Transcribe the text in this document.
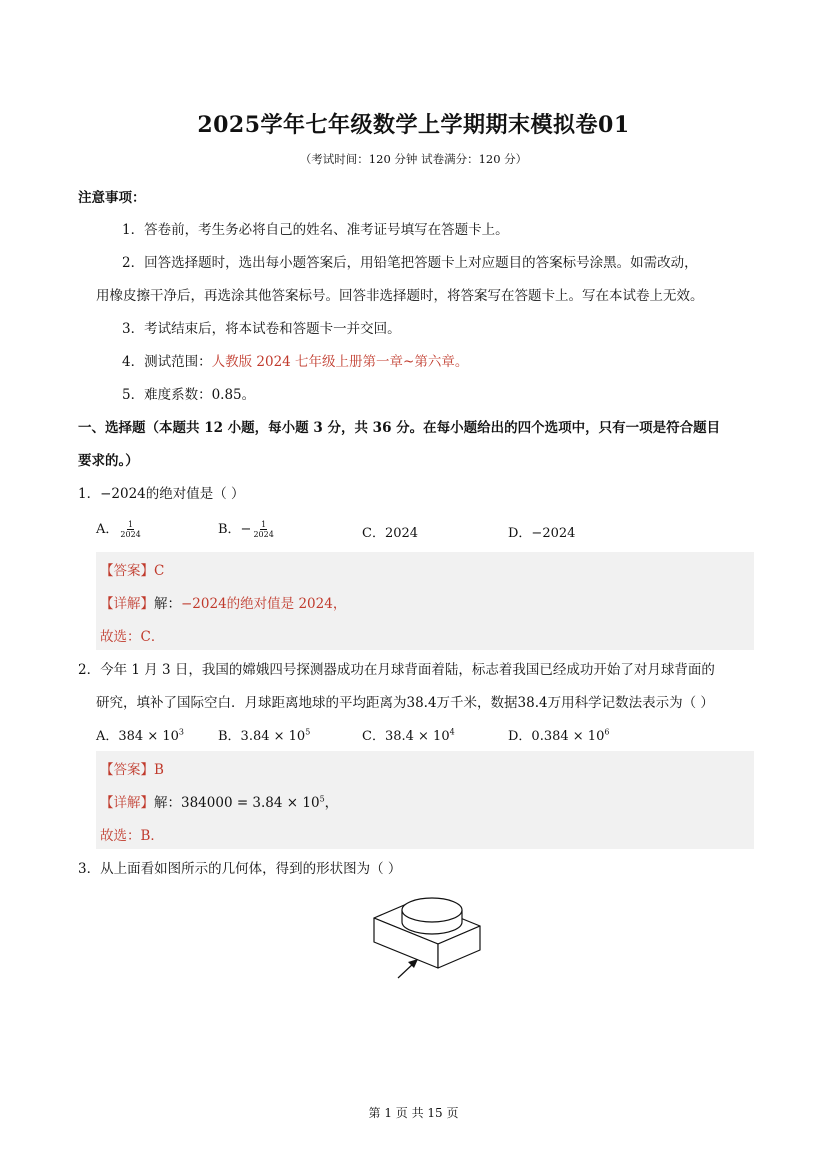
2025学年七年级数学上学期期末模拟卷01
（考试时间：120 分钟 试卷满分：120 分）
注意事项：
1．答卷前，考生务必将自己的姓名、准考证号填写在答题卡上。
2．回答选择题时，选出每小题答案后，用铅笔把答题卡上对应题目的答案标号涂黑。如需改动，
用橡皮擦干净后，再选涂其他答案标号。回答非选择题时，将答案写在答题卡上。写在本试卷上无效。
3．考试结束后，将本试卷和答题卡一并交回。
4．测试范围：人教版 2024 七年级上册第一章~第六章。
5．难度系数：0.85。
一、选择题（本题共 12 小题，每小题 3 分，共 36 分。在每小题给出的四个选项中，只有一项是符合题目
要求的。）
1．−2024的绝对值是（ ）
A． $\frac{1}{2024}$	B．− $\frac{1}{2024}$	C．2024	D．−2024
【答案】C
【详解】解：−2024的绝对值是 2024，
故选：C．
2．今年 1 月 3 日，我国的嫦娥四号探测器成功在月球背面着陆，标志着我国已经成功开始了对月球背面的
研究，填补了国际空白．月球距离地球的平均距离为38.4万千米，数据38.4万用科学记数法表示为（ ）
A．$384 \times 10^3$	B．$3.84 \times 10^5$	C．$38.4 \times 10^4$	D．$0.384 \times 10^6$
【答案】B
【详解】解：$384000 = 3.84 \times 10^5$，
故选：B．
3．从上面看如图所示的几何体，得到的形状图为（ ）
第 1 页 共 15 页
